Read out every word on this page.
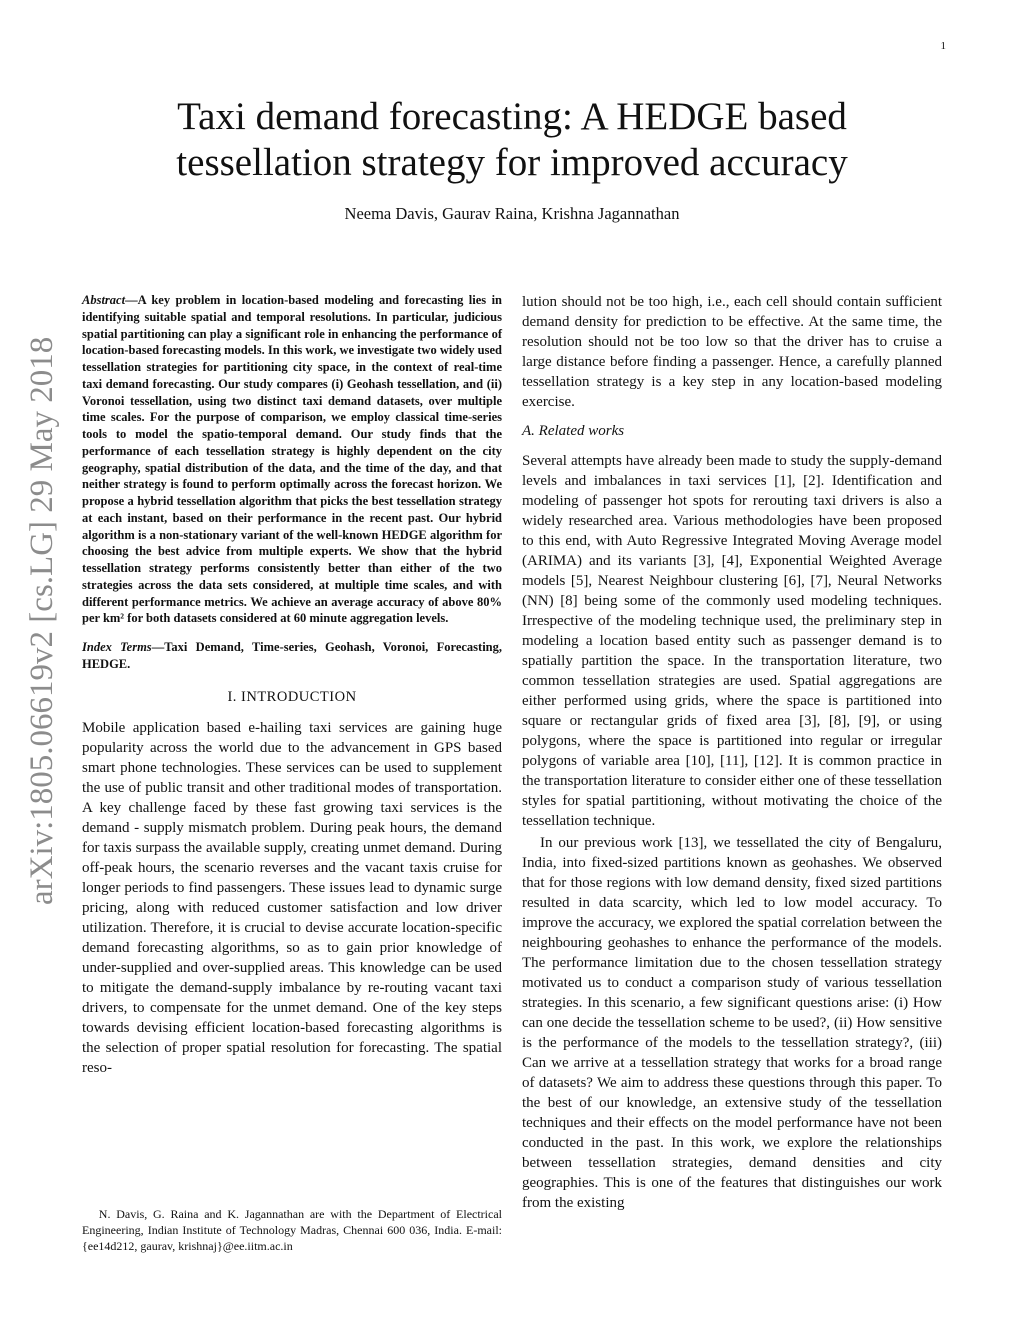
1
arXiv:1805.06619v2 [cs.LG] 29 May 2018
Taxi demand forecasting: A HEDGE based
tessellation strategy for improved accuracy
Neema Davis, Gaurav Raina, Krishna Jagannathan

Abstract—A key problem in location-based modeling and forecasting lies in identifying suitable spatial and temporal resolutions. In particular, judicious spatial partitioning can play a significant role in enhancing the performance of location-based forecasting models. In this work, we investigate two widely used tessellation strategies for partitioning city space, in the context of real-time taxi demand forecasting. Our study compares (i) Geohash tessellation, and (ii) Voronoi tessellation, using two distinct taxi demand datasets, over multiple time scales. For the purpose of comparison, we employ classical time-series tools to model the spatio-temporal demand. Our study finds that the performance of each tessellation strategy is highly dependent on the city geography, spatial distribution of the data, and the time of the day, and that neither strategy is found to perform optimally across the forecast horizon. We propose a hybrid tessellation algorithm that picks the best tessellation strategy at each instant, based on their performance in the recent past. Our hybrid algorithm is a non-stationary variant of the well-known HEDGE algorithm for choosing the best advice from multiple experts. We show that the hybrid tessellation strategy performs consistently better than either of the two strategies across the data sets considered, at multiple time scales, and with different performance metrics. We achieve an average accuracy of above 80% per km² for both datasets considered at 60 minute aggregation levels.

Index Terms—Taxi Demand, Time-series, Geohash, Voronoi, Forecasting, HEDGE.

I. INTRODUCTION

Mobile application based e-hailing taxi services are gaining huge popularity across the world due to the advancement in GPS based smart phone technologies. These services can be used to supplement the use of public transit and other traditional modes of transportation. A key challenge faced by these fast growing taxi services is the demand - supply mismatch problem. During peak hours, the demand for taxis surpass the available supply, creating unmet demand. During off-peak hours, the scenario reverses and the vacant taxis cruise for longer periods to find passengers. These issues lead to dynamic surge pricing, along with reduced customer satisfaction and low driver utilization. Therefore, it is crucial to devise accurate location-specific demand forecasting algorithms, so as to gain prior knowledge of under-supplied and over-supplied areas. This knowledge can be used to mitigate the demand-supply imbalance by re-routing vacant taxi drivers, to compensate for the unmet demand. One of the key steps towards devising efficient location-based forecasting algorithms is the selection of proper spatial resolution for forecasting. The spatial reso-

N. Davis, G. Raina and K. Jagannathan are with the Department of Electrical Engineering, Indian Institute of Technology Madras, Chennai 600 036, India. E-mail: {ee14d212, gaurav, krishnaj}@ee.iitm.ac.in

lution should not be too high, i.e., each cell should contain sufficient demand density for prediction to be effective. At the same time, the resolution should not be too low so that the driver has to cruise a large distance before finding a passenger. Hence, a carefully planned tessellation strategy is a key step in any location-based modeling exercise.

A. Related works

Several attempts have already been made to study the supply-demand levels and imbalances in taxi services [1], [2]. Identification and modeling of passenger hot spots for rerouting taxi drivers is also a widely researched area. Various methodologies have been proposed to this end, with Auto Regressive Integrated Moving Average model (ARIMA) and its variants [3], [4], Exponential Weighted Average models [5], Nearest Neighbour clustering [6], [7], Neural Networks (NN) [8] being some of the commonly used modeling techniques. Irrespective of the modeling technique used, the preliminary step in modeling a location based entity such as passenger demand is to spatially partition the space. In the transportation literature, two common tessellation strategies are used. Spatial aggregations are either performed using grids, where the space is partitioned into square or rectangular grids of fixed area [3], [8], [9], or using polygons, where the space is partitioned into regular or irregular polygons of variable area [10], [11], [12]. It is common practice in the transportation literature to consider either one of these tessellation styles for spatial partitioning, without motivating the choice of the tessellation technique.

In our previous work [13], we tessellated the city of Bengaluru, India, into fixed-sized partitions known as geohashes. We observed that for those regions with low demand density, fixed sized partitions resulted in data scarcity, which led to low model accuracy. To improve the accuracy, we explored the spatial correlation between the neighbouring geohashes to enhance the performance of the models. The performance limitation due to the chosen tessellation strategy motivated us to conduct a comparison study of various tessellation strategies. In this scenario, a few significant questions arise: (i) How can one decide the tessellation scheme to be used?, (ii) How sensitive is the performance of the models to the tessellation strategy?, (iii) Can we arrive at a tessellation strategy that works for a broad range of datasets? We aim to address these questions through this paper. To the best of our knowledge, an extensive study of the tessellation techniques and their effects on the model performance have not been conducted in the past. In this work, we explore the relationships between tessellation strategies, demand densities and city geographies. This is one of the features that distinguishes our work from the existing
